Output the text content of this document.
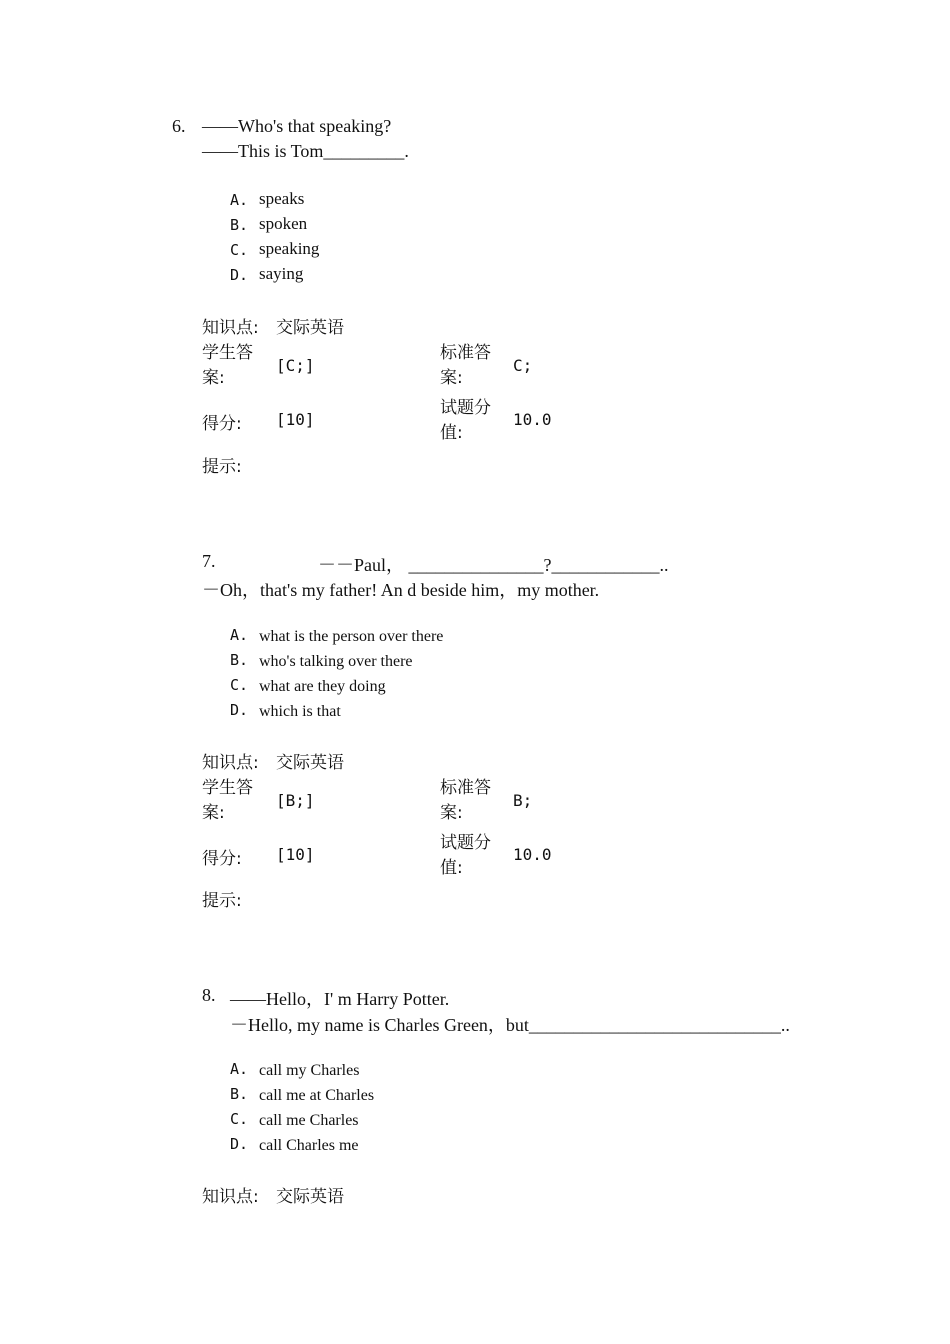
6. ——Who's that speaking?
——This is Tom_________.
A. speaks
B. spoken
C. speaking
D. saying
知识点: 交际英语
学生答案:
[C;]
标准答案:
C;
得分: [10]
试题分值:
10.0
提示:
7.	－－Paul， _______________?____________..
－Oh，that's my father! An d beside him，my mother.
A. what is the person over there
B. who's talking over there
C. what are they doing
D. which is that
知识点: 交际英语
学生答案:
[B;]
标准答案:
B;
得分: [10]
试题分值:
10.0
提示:
8. ——Hello，I' m Harry Potter.
－Hello, my name is Charles Green，but____________________________..
A. call my Charles
B. call me at Charles
C. call me Charles
D. call Charles me
知识点: 交际英语
